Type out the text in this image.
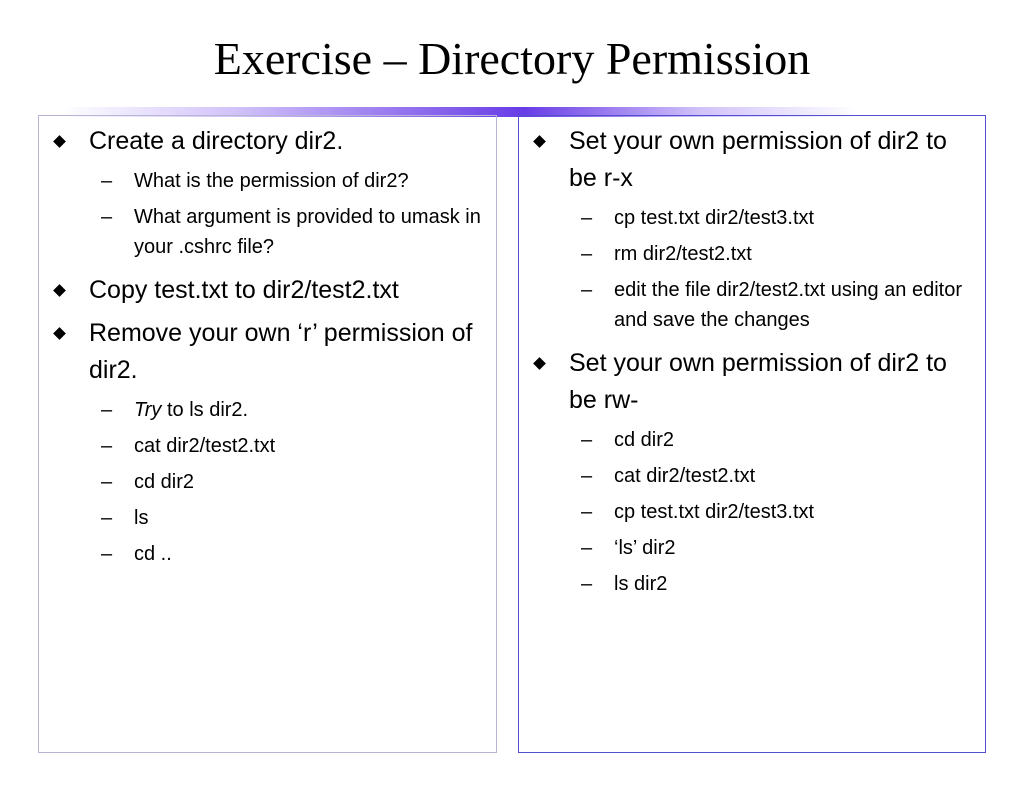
Exercise – Directory Permission
Create a directory dir2.
– What is the permission of dir2?
– What argument is provided to umask in your .cshrc file?
Copy test.txt to dir2/test2.txt
Remove your own ‘r’ permission of dir2.
– Try to ls dir2.
– cat dir2/test2.txt
– cd dir2
– ls
– cd ..
Set your own permission of dir2 to be r-x
– cp test.txt dir2/test3.txt
– rm dir2/test2.txt
– edit the file dir2/test2.txt using an editor and save the changes
Set your own permission of dir2 to be rw-
– cd dir2
– cat dir2/test2.txt
– cp test.txt dir2/test3.txt
– ‘ls’ dir2
– ls dir2
